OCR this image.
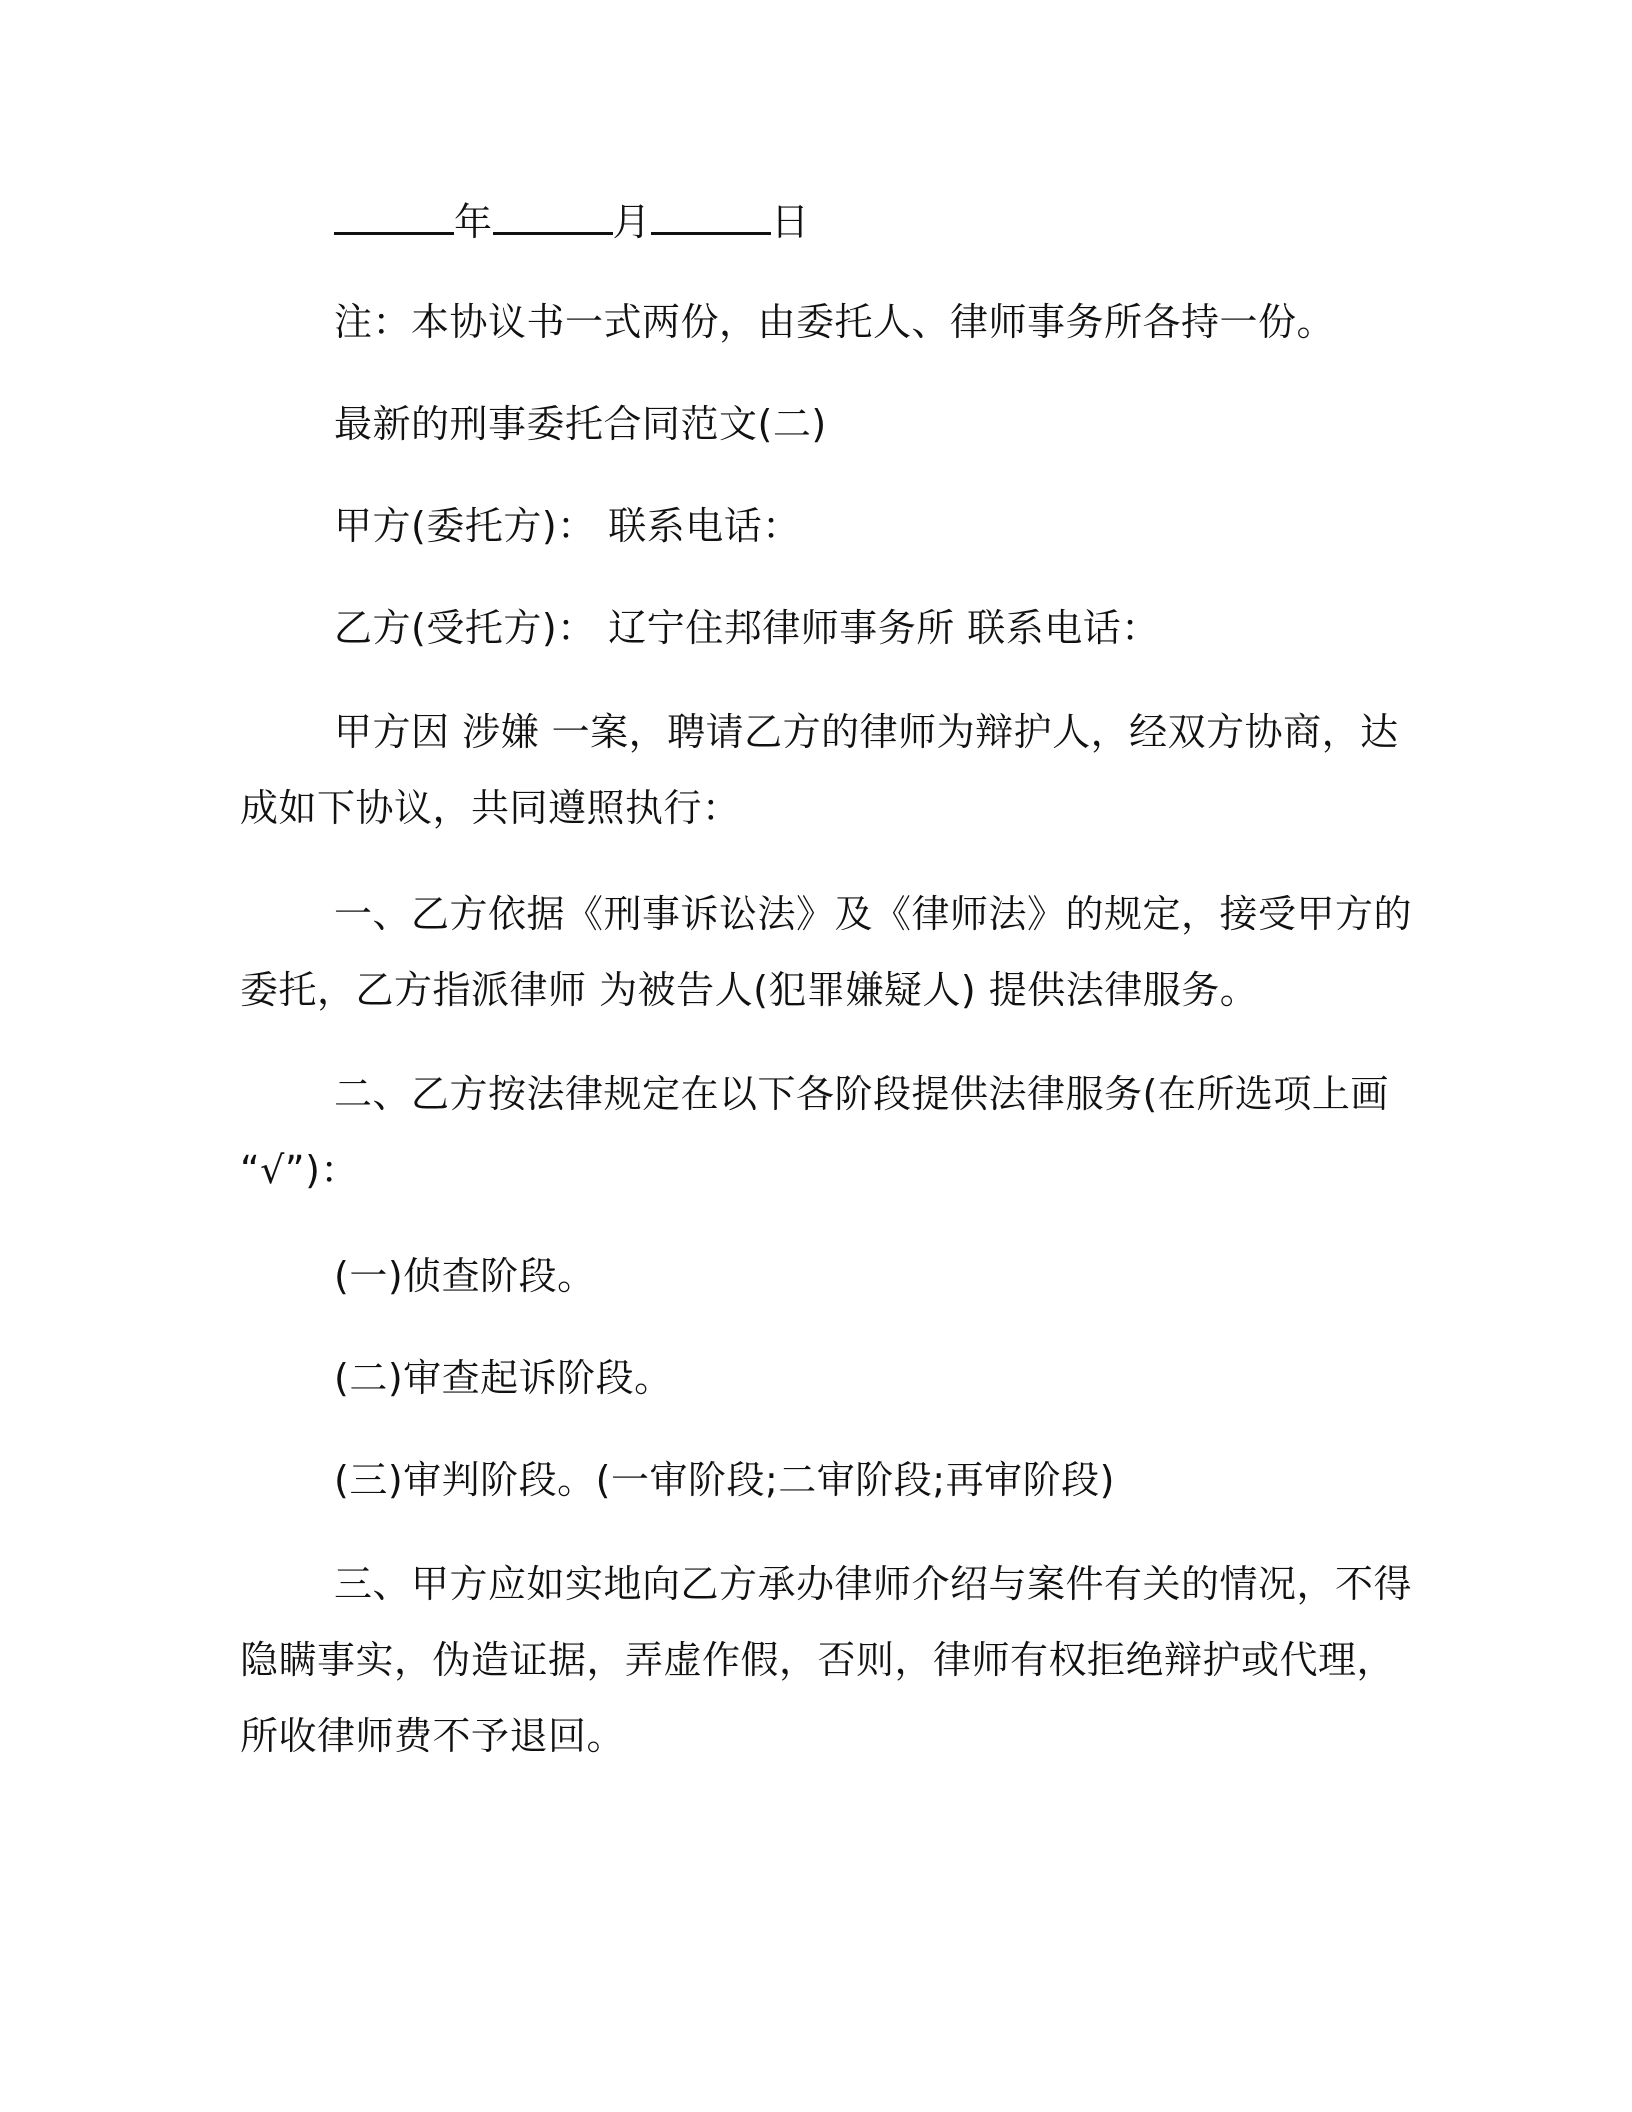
年	月	日
注：本协议书一式两份，由委托人、律师事务所各持一份。
最新的刑事委托合同范文(二)
甲方(委托方)： 联系电话：
乙方(受托方)： 辽宁住邦律师事务所 联系电话：
甲方因 涉嫌 一案，聘请乙方的律师为辩护人，经双方协商，达
成如下协议，共同遵照执行：
一、乙方依据《刑事诉讼法》及《律师法》的规定，接受甲方的
委托，乙方指派律师 为被告人(犯罪嫌疑人) 提供法律服务。
二、乙方按法律规定在以下各阶段提供法律服务(在所选项上画
“√”)：
(一)侦查阶段。
(二)审查起诉阶段。
(三)审判阶段。(一审阶段;二审阶段;再审阶段)
三、甲方应如实地向乙方承办律师介绍与案件有关的情况，不得
隐瞒事实，伪造证据，弄虚作假，否则，律师有权拒绝辩护或代理，
所收律师费不予退回。
